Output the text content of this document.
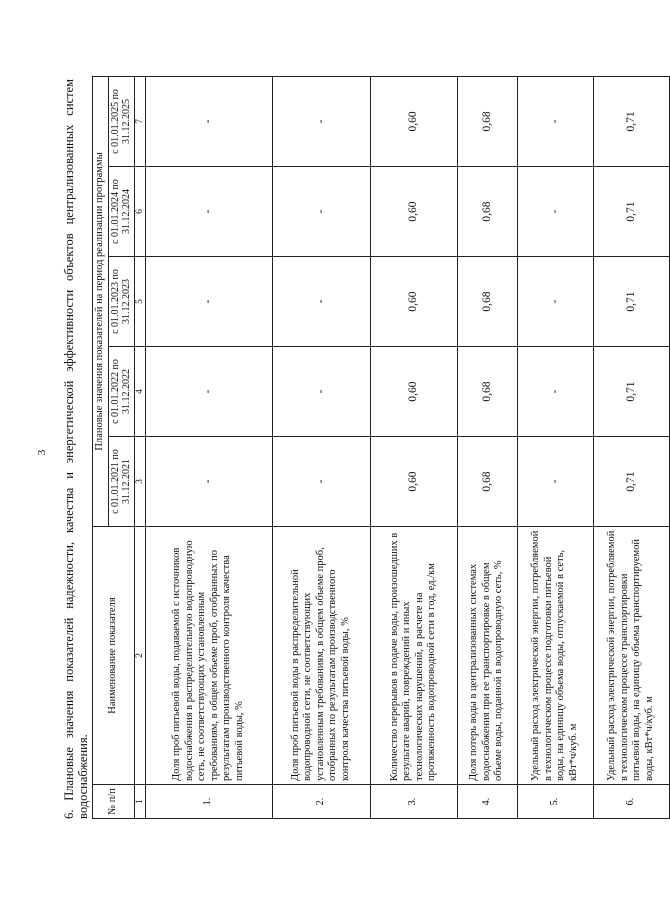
3 6. Плановые значения показателей надежности, качества и энергетической эффективности объектов централизованных систем водоснабжения. № п/п	Наименование показателя	Плановые значения показателей на период реализации программы				
		с 01.01.2021 по 31.12.2021	с 01.01.2022 по 31.12.2022	с 01.01.2023 по 31.12.2023	с 01.01.2024 по 31.12.2024	с 01.01.2025 по 31.12.2025
1	2	3	4	5	6	7
1.	Доля проб питьевой воды, подаваемой с источников водоснабжения в распределительную водопроводную сеть, не соответствующих установленным требованиям, в общем объеме проб, отобранных по результатам производственного контроля качества питьевой воды, %	-	-	-	-	-
2.	Доля проб питьевой воды в распределительной водопроводной сети, не соответствующих установленным требованиям, в общем объеме проб, отобранных по результатам производственного контроля качества питьевой воды, %	-	-	-	-	-
3.	Количество перерывов в подаче воды, произошедших в результате аварий, повреждений и иных технологических нарушений, в расчете на протяженность водопроводной сети в год, ед./км	0,60	0,60	0,60	0,60	0,60
4.	Доля потерь воды в централизованных системах водоснабжения при ее транспортировке в общем объеме воды, поданной в водопроводную сеть, %	0,68	0,68	0,68	0,68	0,68
5.	Удельный расход электрической энергии, потребляемой в технологическом процессе подготовки питьевой воды, на единицу объема воды, отпускаемой в сеть, кВт*ч/куб. м	-	-	-	-	-
6.	Удельный расход электрической энергии, потребляемой в технологическом процессе транспортировки питьевой воды, на единицу объема транспортируемой воды, кВт*ч/куб. м	0,71	0,71	0,71	0,71	0,71
